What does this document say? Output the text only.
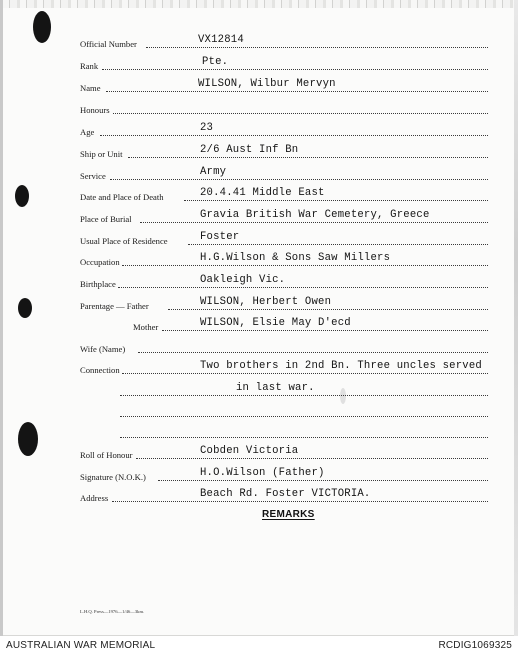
Official Number	VX12814
Rank	Pte.
Name	WILSON, Wilbur Mervyn
Honours
Age	23
Ship or Unit	2/6 Aust Inf Bn
Service	Army
Date and Place of Death	20.4.41 Middle East
Place of Burial	Gravia British War Cemetery, Greece
Usual Place of Residence	Foster
Occupation	H.G.Wilson & Sons Saw Millers
Birthplace	Oakleigh Vic.
Parentage — Father	WILSON, Herbert Owen
Mother	WILSON, Elsie May D'ecd
Wife (Name)
Connection	Two brothers in 2nd Bn. Three uncles served
in last war.
Roll of Honour	Cobden Victoria
Signature (N.O.K.)	H.O.Wilson (Father)
Address	Beach Rd. Foster VICTORIA.
REMARKS
L.H.Q. Press—1976—1/46—3km.
AUSTRALIAN WAR MEMORIAL	RCDIG1069325
